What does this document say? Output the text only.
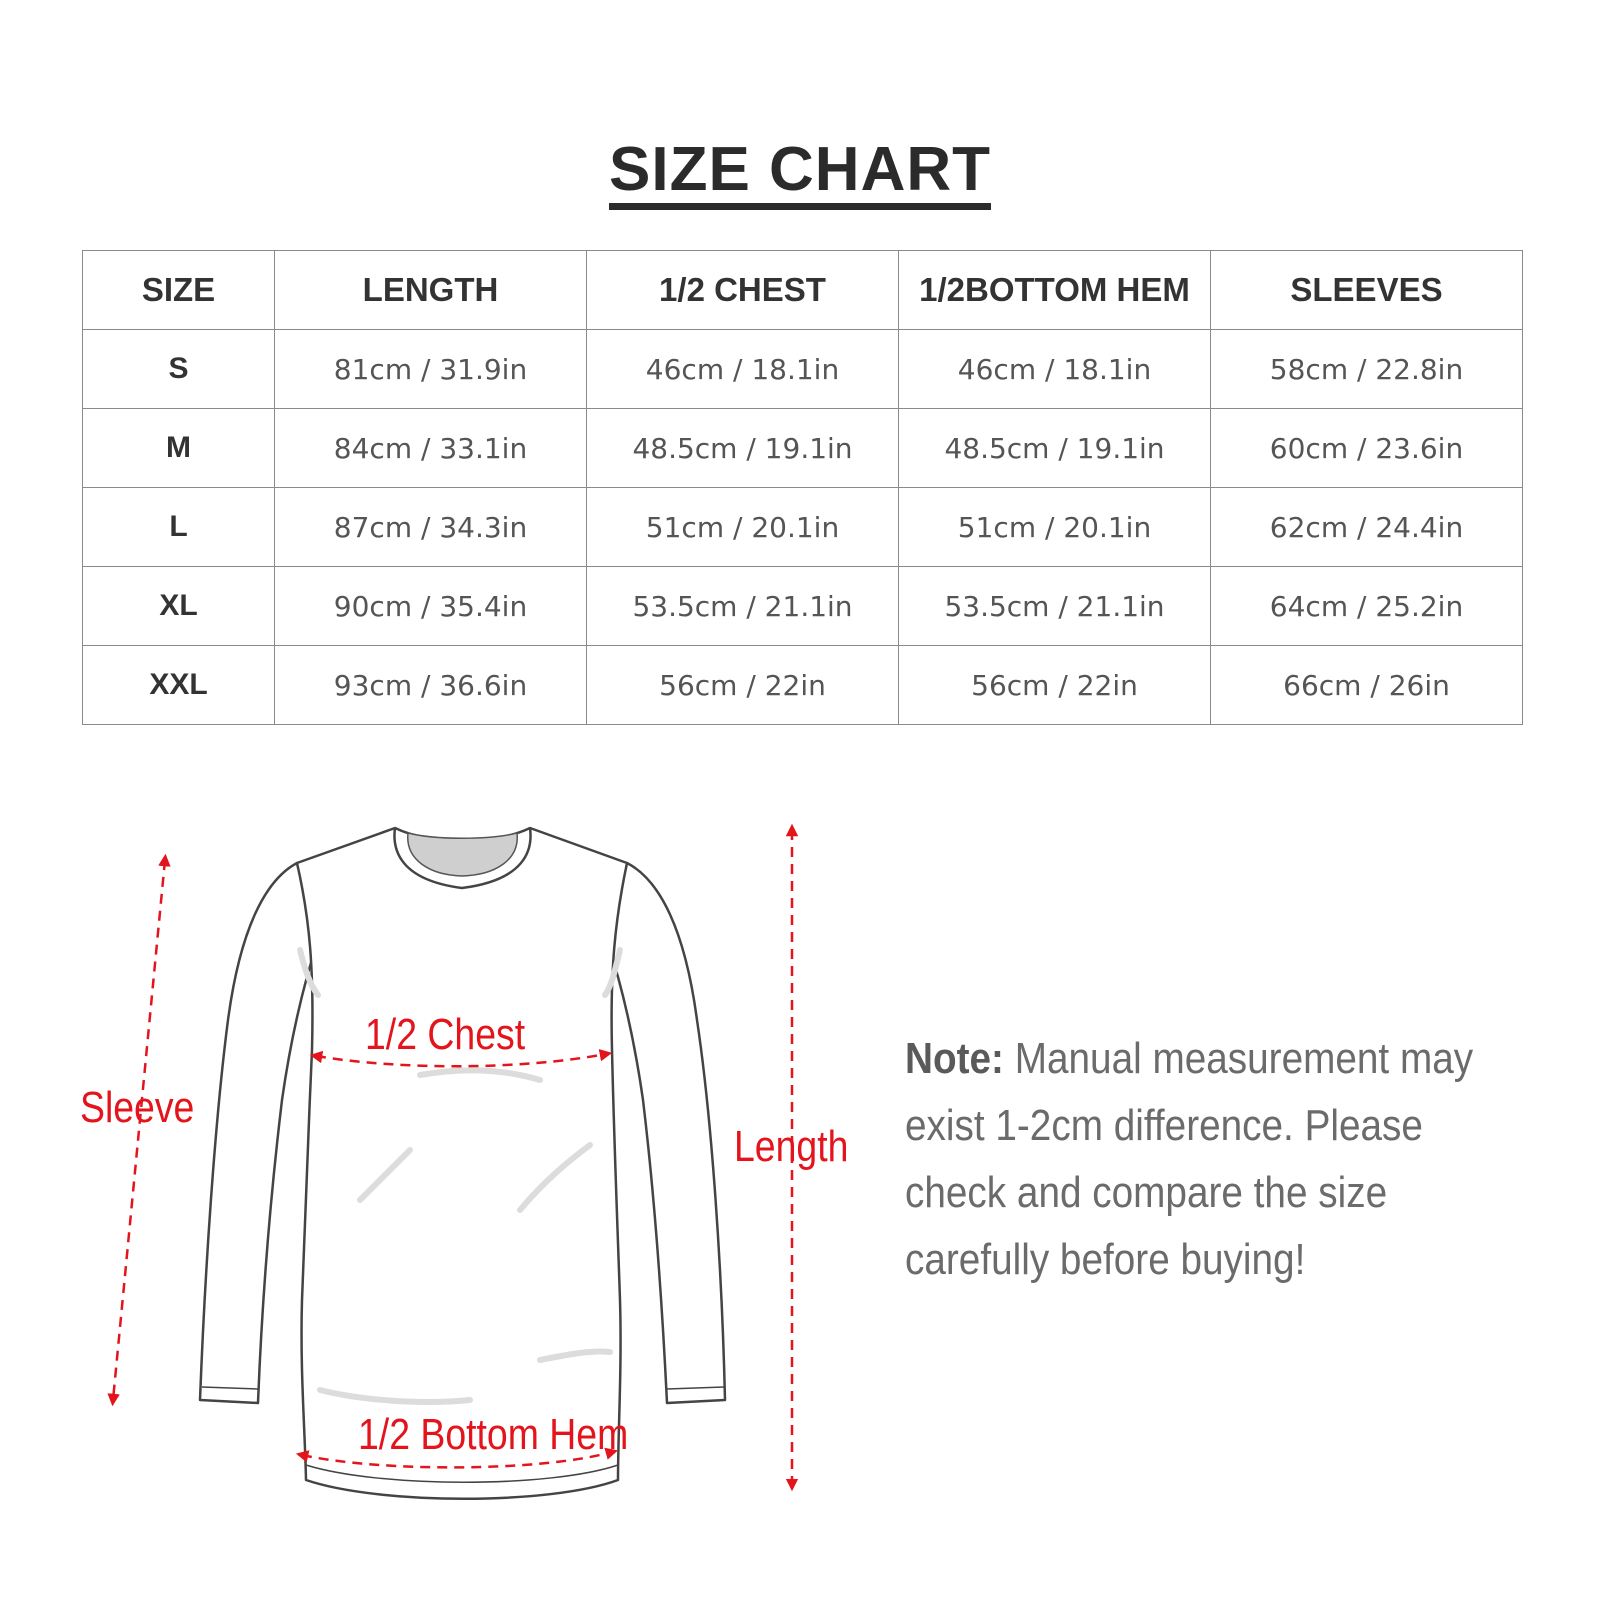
SIZE CHART
SIZE	LENGTH	1/2 CHEST	1/2BOTTOM HEM	SLEEVES
S	81cm / 31.9in	46cm / 18.1in	46cm / 18.1in	58cm / 22.8in
M	84cm / 33.1in	48.5cm / 19.1in	48.5cm / 19.1in	60cm / 23.6in
L	87cm / 34.3in	51cm / 20.1in	51cm / 20.1in	62cm / 24.4in
XL	90cm / 35.4in	53.5cm / 21.1in	53.5cm / 21.1in	64cm / 25.2in
XXL	93cm / 36.6in	56cm / 22in	56cm / 22in	66cm / 26in
Sleeve
1/2 Chest
Length
1/2 Bottom Hem
Note: Manual measurement may exist 1-2cm difference. Please check and compare the size carefully before buying!
